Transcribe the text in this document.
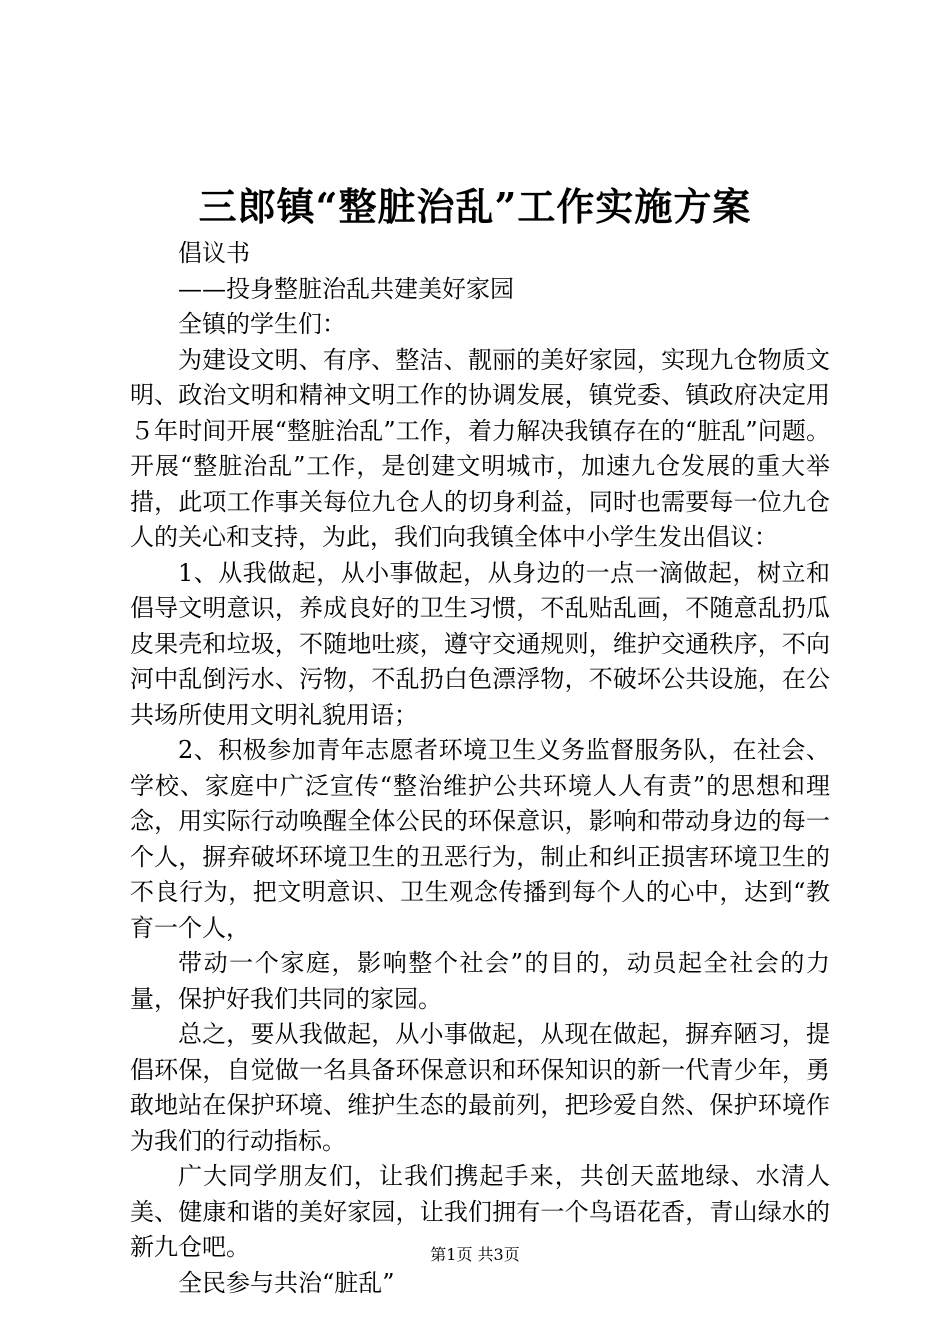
三郎镇“整脏治乱”工作实施方案

倡议书

——投身整脏治乱共建美好家园

全镇的学生们：

为建设文明、有序、整洁、靓丽的美好家园，实现九仓物质文明、政治文明和精神文明工作的协调发展，镇党委、镇政府决定用５年时间开展“整脏治乱”工作，着力解决我镇存在的“脏乱”问题。开展“整脏治乱”工作，是创建文明城市，加速九仓发展的重大举措，此项工作事关每位九仓人的切身利益，同时也需要每一位九仓人的关心和支持，为此，我们向我镇全体中小学生发出倡议：

1、从我做起，从小事做起，从身边的一点一滴做起，树立和倡导文明意识，养成良好的卫生习惯，不乱贴乱画，不随意乱扔瓜皮果壳和垃圾，不随地吐痰，遵守交通规则，维护交通秩序，不向河中乱倒污水、污物，不乱扔白色漂浮物，不破坏公共设施，在公共场所使用文明礼貌用语；

2、积极参加青年志愿者环境卫生义务监督服务队，在社会、学校、家庭中广泛宣传“整治维护公共环境人人有责”的思想和理念，用实际行动唤醒全体公民的环保意识，影响和带动身边的每一个人，摒弃破坏环境卫生的丑恶行为，制止和纠正损害环境卫生的不良行为，把文明意识、卫生观念传播到每个人的心中，达到“教育一个人，

带动一个家庭，影响整个社会”的目的，动员起全社会的力量，保护好我们共同的家园。

总之，要从我做起，从小事做起，从现在做起，摒弃陋习，提倡环保，自觉做一名具备环保意识和环保知识的新一代青少年，勇敢地站在保护环境、维护生态的最前列，把珍爱自然、保护环境作为我们的行动指标。

广大同学朋友们，让我们携起手来，共创天蓝地绿、水清人美、健康和谐的美好家园，让我们拥有一个鸟语花香，青山绿水的新九仓吧。

全民参与共治“脏乱”

第1页 共3页
